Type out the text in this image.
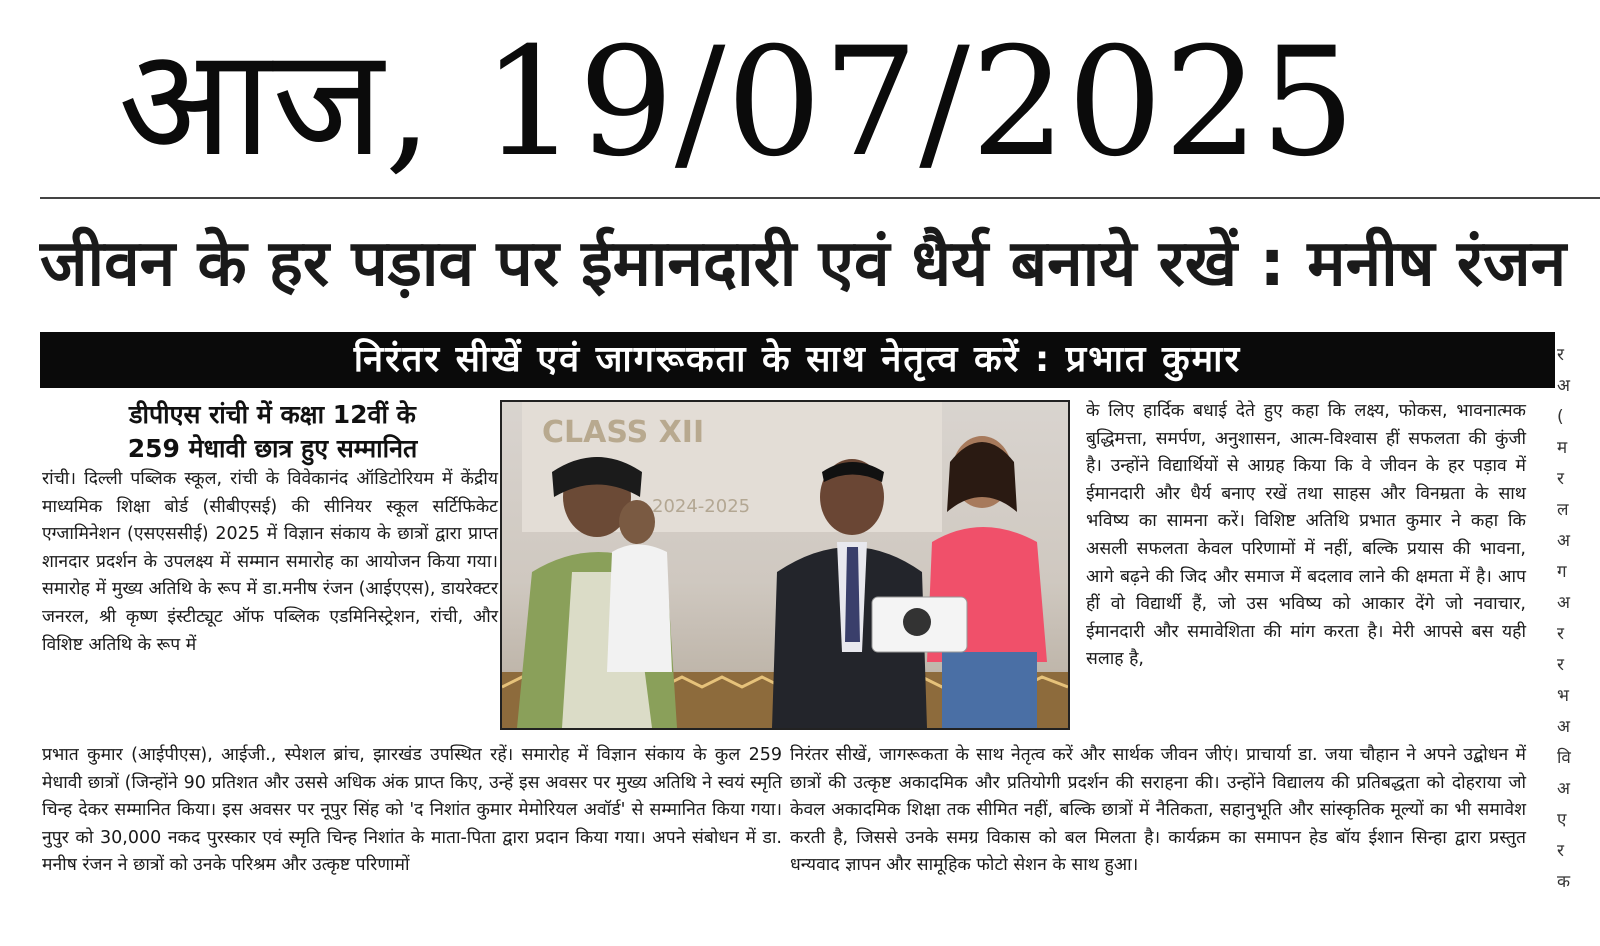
आज, 19/07/2025
जीवन के हर पड़ाव पर ईमानदारी एवं धैर्य बनाये रखें : मनीष रंजन
निरंतर सीखें एवं जागरूकता के साथ नेतृत्व करें : प्रभात कुमार
डीपीएस रांची में कक्षा 12वीं के
259 मेधावी छात्र हुए सम्मानित

रांची। दिल्ली पब्लिक स्कूल, रांची के विवेकानंद ऑडिटोरियम में केंद्रीय माध्यमिक शिक्षा बोर्ड (सीबीएसई) की सीनियर स्कूल सर्टिफिकेट एग्जामिनेशन (एसएससीई) 2025 में विज्ञान संकाय के छात्रों द्वारा प्राप्त शानदार प्रदर्शन के उपलक्ष्य में सम्मान समारोह का आयोजन किया गया। समारोह में मुख्य अतिथि के रूप में डा.मनीष रंजन (आईएएस), डायरेक्टर जनरल, श्री कृष्ण इंस्टीट्यूट ऑफ पब्लिक एडमिनिस्ट्रेशन, रांची, और विशिष्ट अतिथि के रूप में

CLASS XII
2024-2025

के लिए हार्दिक बधाई देते हुए कहा कि लक्ष्य, फोकस, भावनात्मक बुद्धिमत्ता, समर्पण, अनुशासन, आत्म-विश्वास हीं सफलता की कुंजी है। उन्होंने विद्यार्थियों से आग्रह किया कि वे जीवन के हर पड़ाव में ईमानदारी और धैर्य बनाए रखें तथा साहस और विनम्रता के साथ भविष्य का सामना करें। विशिष्ट अतिथि प्रभात कुमार ने कहा कि असली सफलता केवल परिणामों में नहीं, बल्कि प्रयास की भावना, आगे बढ़ने की जिद और समाज में बदलाव लाने की क्षमता में है। आप हीं वो विद्यार्थी हैं, जो उस भविष्य को आकार देंगे जो नवाचार, ईमानदारी और समावेशिता की मांग करता है। मेरी आपसे बस यही सलाह है,

प्रभात कुमार (आईपीएस), आईजी., स्पेशल ब्रांच, झारखंड उपस्थित रहें। समारोह में विज्ञान संकाय के कुल 259 मेधावी छात्रों (जिन्होंने 90 प्रतिशत और उससे अधिक अंक प्राप्त किए, उन्हें इस अवसर पर मुख्य अतिथि ने स्वयं स्मृति चिन्ह देकर सम्मानित किया। इस अवसर पर नूपुर सिंह को 'द निशांत कुमार मेमोरियल अवॉर्ड' से सम्मानित किया गया। नुपुर को 30,000 नकद पुरस्कार एवं स्मृति चिन्ह निशांत के माता-पिता द्वारा प्रदान किया गया। अपने संबोधन में डा. मनीष रंजन ने छात्रों को उनके परिश्रम और उत्कृष्ट परिणामों

निरंतर सीखें, जागरूकता के साथ नेतृत्व करें और सार्थक जीवन जीएं। प्राचार्या डा. जया चौहान ने अपने उद्बोधन में छात्रों की उत्कृष्ट अकादमिक और प्रतियोगी प्रदर्शन की सराहना की। उन्होंने विद्यालय की प्रतिबद्धता को दोहराया जो केवल अकादमिक शिक्षा तक सीमित नहीं, बल्कि छात्रों में नैतिकता, सहानुभूति और सांस्कृतिक मूल्यों का भी समावेश करती है, जिससे उनके समग्र विकास को बल मिलता है। कार्यक्रम का समापन हेड बॉय ईशान सिन्हा द्वारा प्रस्तुत धन्यवाद ज्ञापन और सामूहिक फोटो सेशन के साथ हुआ।

र
अ
(
म
र
ल
अ
ग
अ
र
र
भ
अ
वि
अ
ए
र
क
